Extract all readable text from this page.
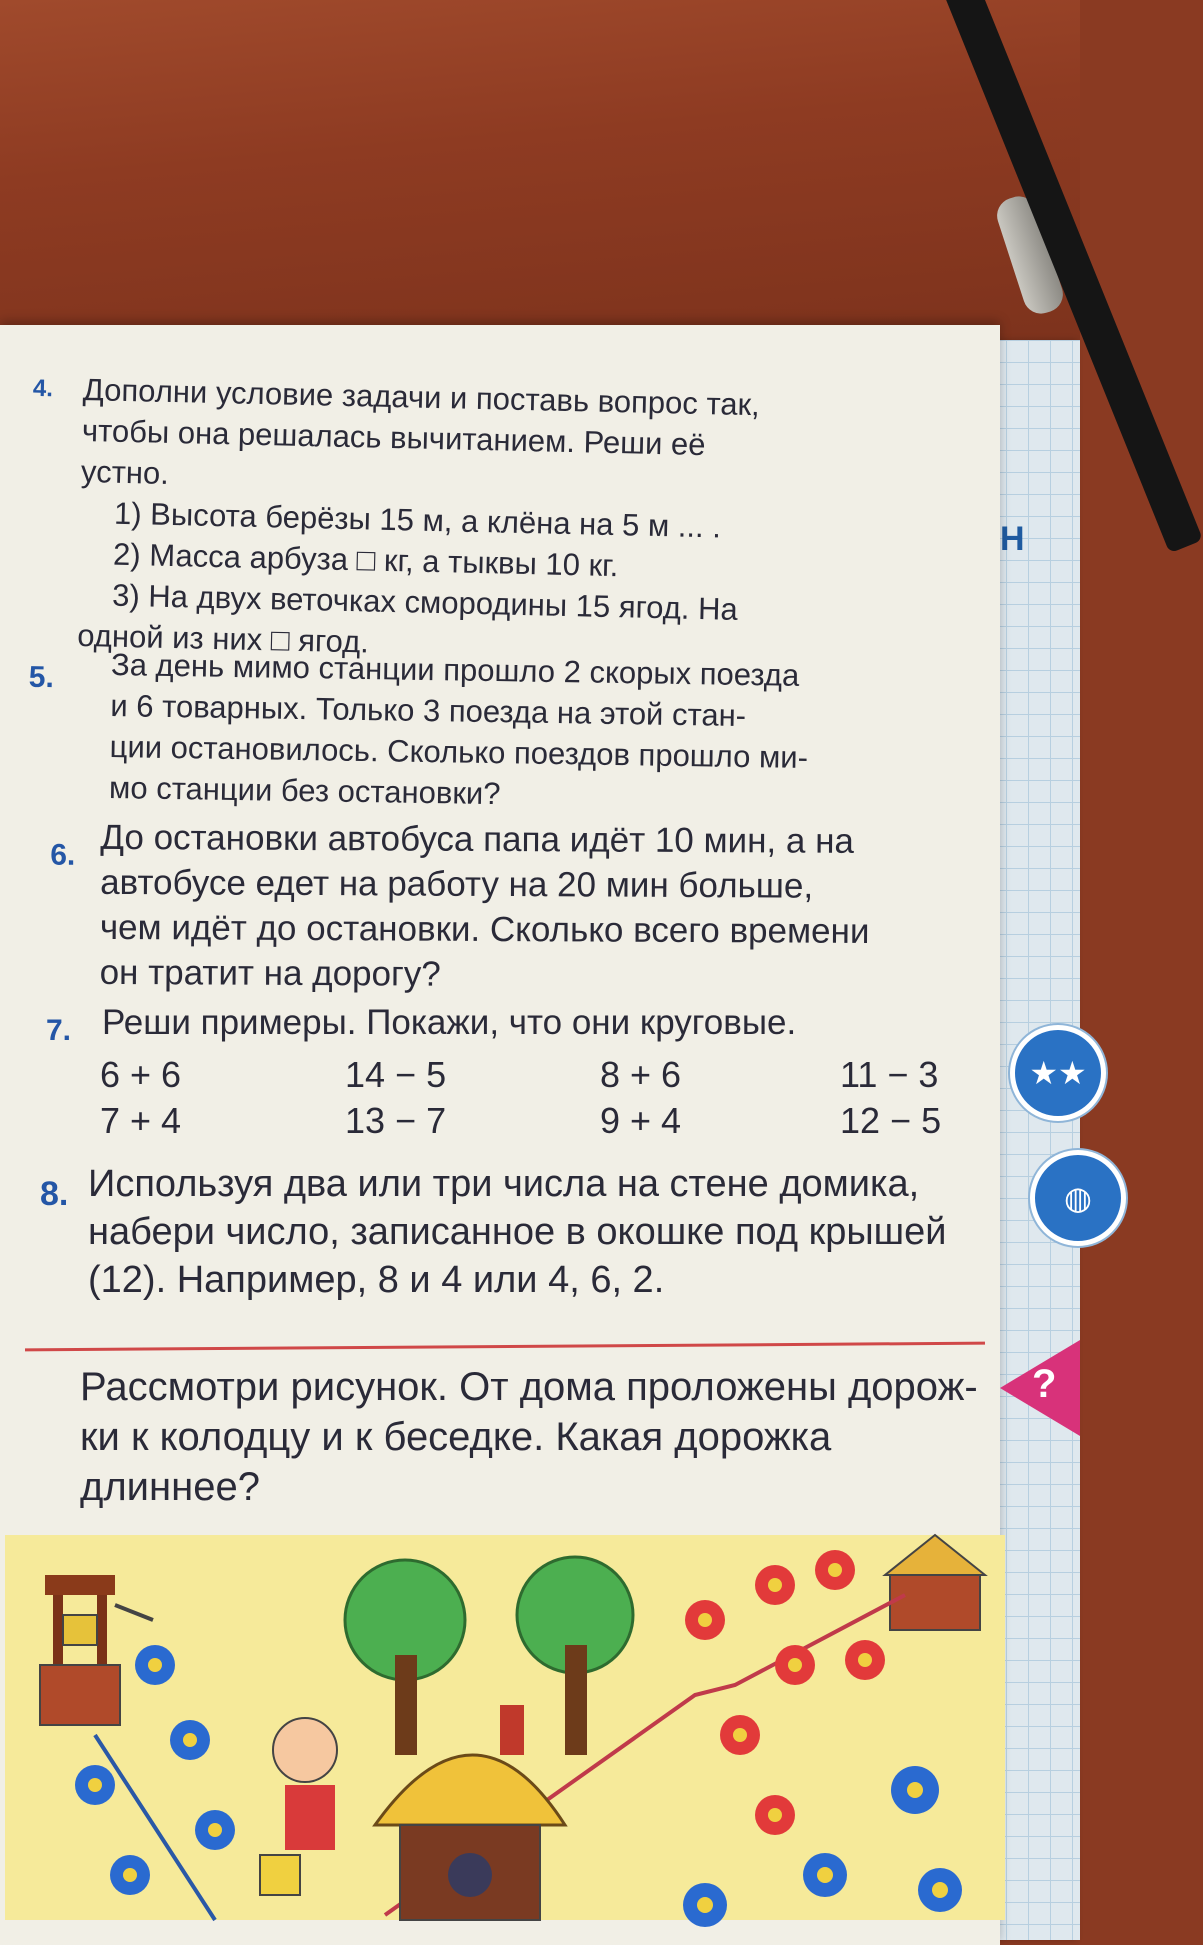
Н
★★
◍
4. Дополни условие задачи и поставь вопрос так,
чтобы она решалась вычитанием. Реши её
устно.
1) Высота берёзы 15 м, а клёна на 5 м ... .
2) Масса арбуза □ кг, а тыквы 10 кг.
3) На двух веточках смородины 15 ягод. На
одной из них □ ягод.
5.	За день мимо станции прошло 2 скорых поезда
и 6 товарных. Только 3 поезда на этой стан-
ции остановилось. Сколько поездов прошло ми-
мо станции без остановки?
6. До остановки автобуса папа идёт 10 мин, а на
автобусе едет на работу на 20 мин больше,
чем идёт до остановки. Сколько всего времени
он тратит на дорогу?
7. Реши примеры. Покажи, что они круговые.
6 + 6	14 − 5	8 + 6	11 − 3
7 + 4	13 − 7	9 + 4	12 − 5
8. Используя два или три числа на стене домика,
набери число, записанное в окошке под крышей
(12). Например, 8 и 4 или 4, 6, 2.
Рассмотри рисунок. От дома проложены дорож-
ки к колодцу и к беседке. Какая дорожка
длиннее?
?
